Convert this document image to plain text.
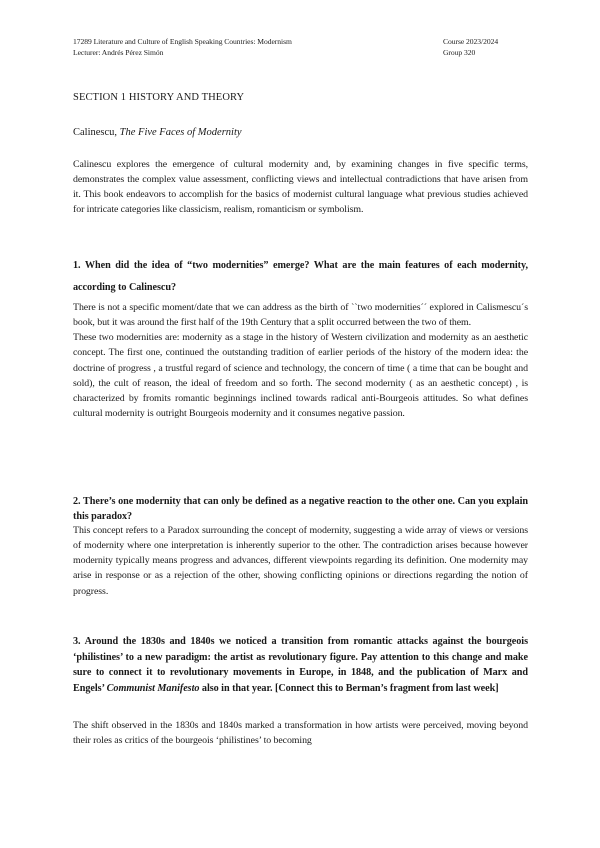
17289 Literature and Culture of English Speaking Countries: Modernism
Lecturer: Andrés Pérez Simón
Course 2023/2024
Group 320
SECTION 1 HISTORY AND THEORY
Calinescu, The Five Faces of Modernity
Calinescu explores the emergence of cultural modernity and, by examining changes in five specific terms, demonstrates the complex value assessment, conflicting views and intellectual contradictions that have arisen from it. This book endeavors to accomplish for the basics of modernist cultural language what previous studies achieved for intricate categories like classicism, realism, romanticism or symbolism.
1. When did the idea of “two modernities” emerge? What are the main features of each modernity, according to Calinescu?

There is not a specific moment/date that we can address as the birth of ``two modernities´´ explored in Calismescu´s book, but it was around the first half of the 19th Century that a split occurred between the two of them.

These two modernities are: modernity as a stage in the history of Western civilization and modernity as an aesthetic concept. The first one, continued the outstanding tradition of earlier periods of the history of the modern idea: the doctrine of progress , a trustful regard of science and technology, the concern of time ( a time that can be bought and sold), the cult of reason, the ideal of freedom and so forth. The second modernity ( as an aesthetic concept) , is characterized by fromits romantic beginnings inclined towards radical anti-Bourgeois attitudes. So what defines cultural modernity is outright Bourgeois modernity and it consumes negative passion.

2. There’s one modernity that can only be defined as a negative reaction to the other one. Can you explain this paradox?
This concept refers to a Paradox surrounding the concept of modernity, suggesting a wide array of views or versions of modernity where one interpretation is inherently superior to the other. The contradiction arises because however modernity typically means progress and advances, different viewpoints regarding its definition. One modernity may arise in response or as a rejection of the other, showing conflicting opinions or directions regarding the notion of progress.
3. Around the 1830s and 1840s we noticed a transition from romantic attacks against the bourgeois ‘philistines’ to a new paradigm: the artist as revolutionary figure. Pay attention to this change and make sure to connect it to revolutionary movements in Europe, in 1848, and the publication of Marx and Engels’ Communist Manifesto also in that year. [Connect this to Berman’s fragment from last week]
The shift observed in the 1830s and 1840s marked a transformation in how artists were perceived, moving beyond their roles as critics of the bourgeois ‘philistines’ to becoming
